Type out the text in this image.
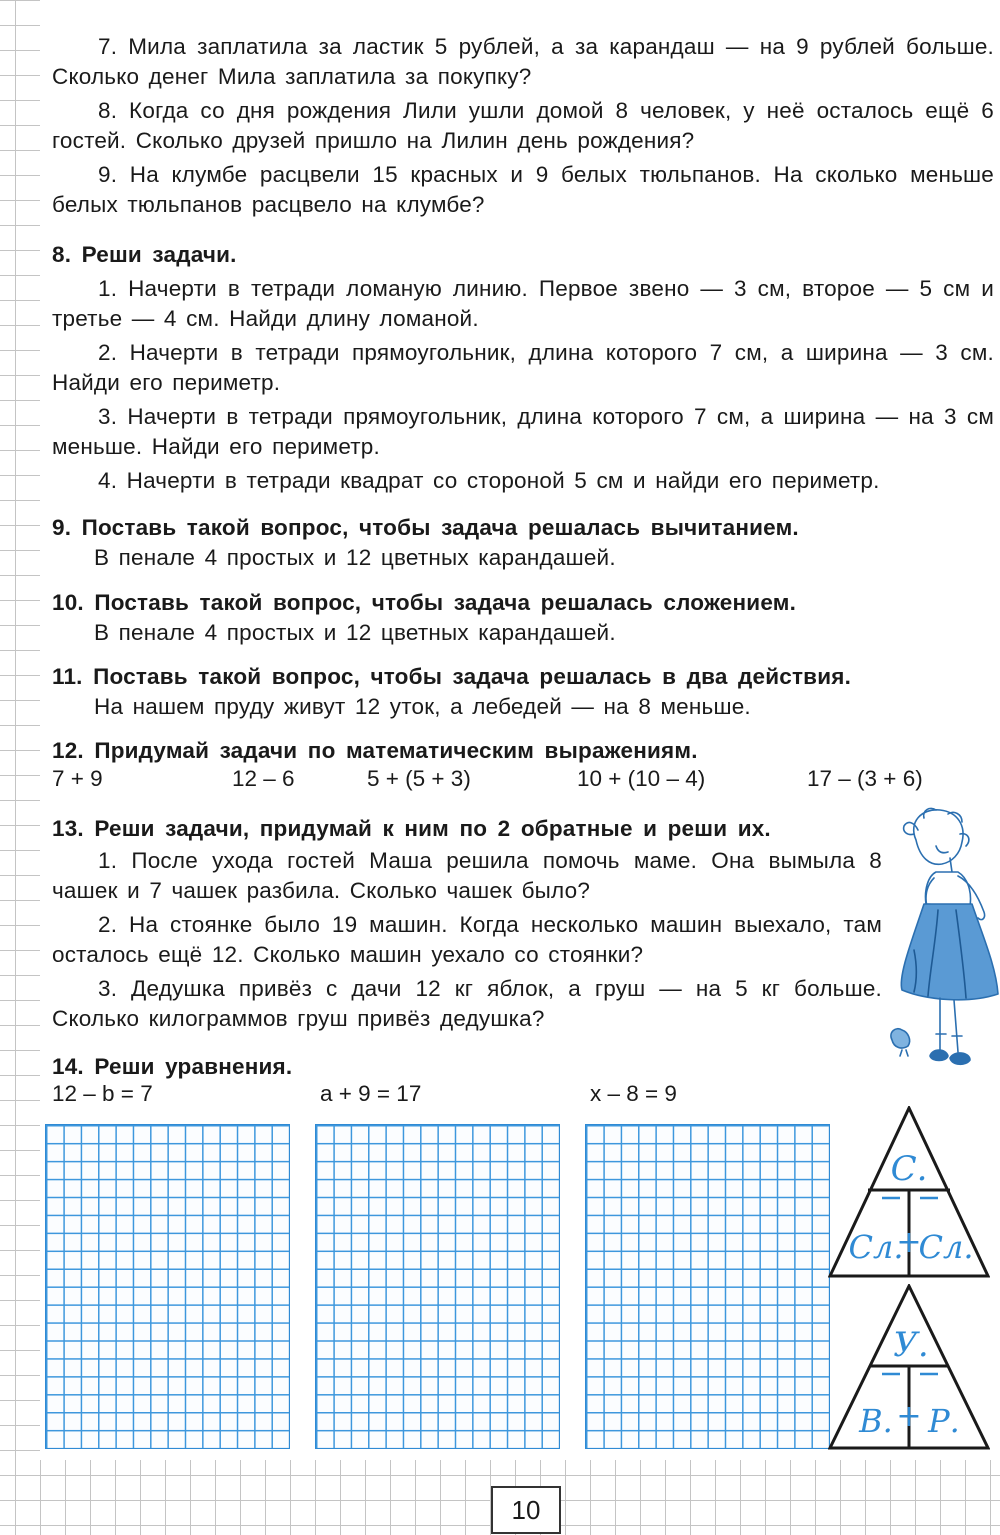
7. Мила заплатила за ластик 5 рублей, а за карандаш — на 9 рублей больше. Сколько денег Мила заплатила за покупку?

8. Когда со дня рождения Лили ушли домой 8 человек, у неё осталось ещё 6 гостей. Сколько друзей пришло на Лилин день рождения?

9. На клумбе расцвели 15 красных и 9 белых тюльпанов. На сколько меньше белых тюльпанов расцвело на клумбе?

8. Реши задачи.

1. Начерти в тетради ломаную линию. Первое звено — 3 см, второе — 5 см и третье — 4 см. Найди длину ломаной.

2. Начерти в тетради прямоугольник, длина которого 7 см, а ширина — 3 см. Найди его периметр.

3. Начерти в тетради прямоугольник, длина которого 7 см, а ширина — на 3 см меньше. Найди его периметр.

4. Начерти в тетради квадрат со стороной 5 см и найди его периметр.

9. Поставь такой вопрос, чтобы задача решалась вычитанием.

В пенале 4 простых и 12 цветных карандашей.

10. Поставь такой вопрос, чтобы задача решалась сложением.

В пенале 4 простых и 12 цветных карандашей.

11. Поставь такой вопрос, чтобы задача решалась в два действия.

На нашем пруду живут 12 уток, а лебедей — на 8 меньше.

12. Придумай задачи по математическим выражениям.

7 + 9	12 – 6	5 + (5 + 3)	10 + (10 – 4)	17 – (3 + 6)

13. Реши задачи, придумай к ним по 2 обратные и реши их.

1. После ухода гостей Маша решила помочь маме. Она вымыла 8 чашек и 7 чашек разбила. Сколько чашек было?

2. На стоянке было 19 машин. Когда несколько машин выехало, там осталось ещё 12. Сколько машин уехало со стоянки?

3. Дедушка привёз с дачи 12 кг яблок, а груш — на 5 кг больше. Сколько килограммов груш привёз дедушка?

14. Реши уравнения.

12 – b = 7	a + 9 = 17	x – 8 = 9
С.
Сл.
+
Сл.
У.
В. + Р.
10
